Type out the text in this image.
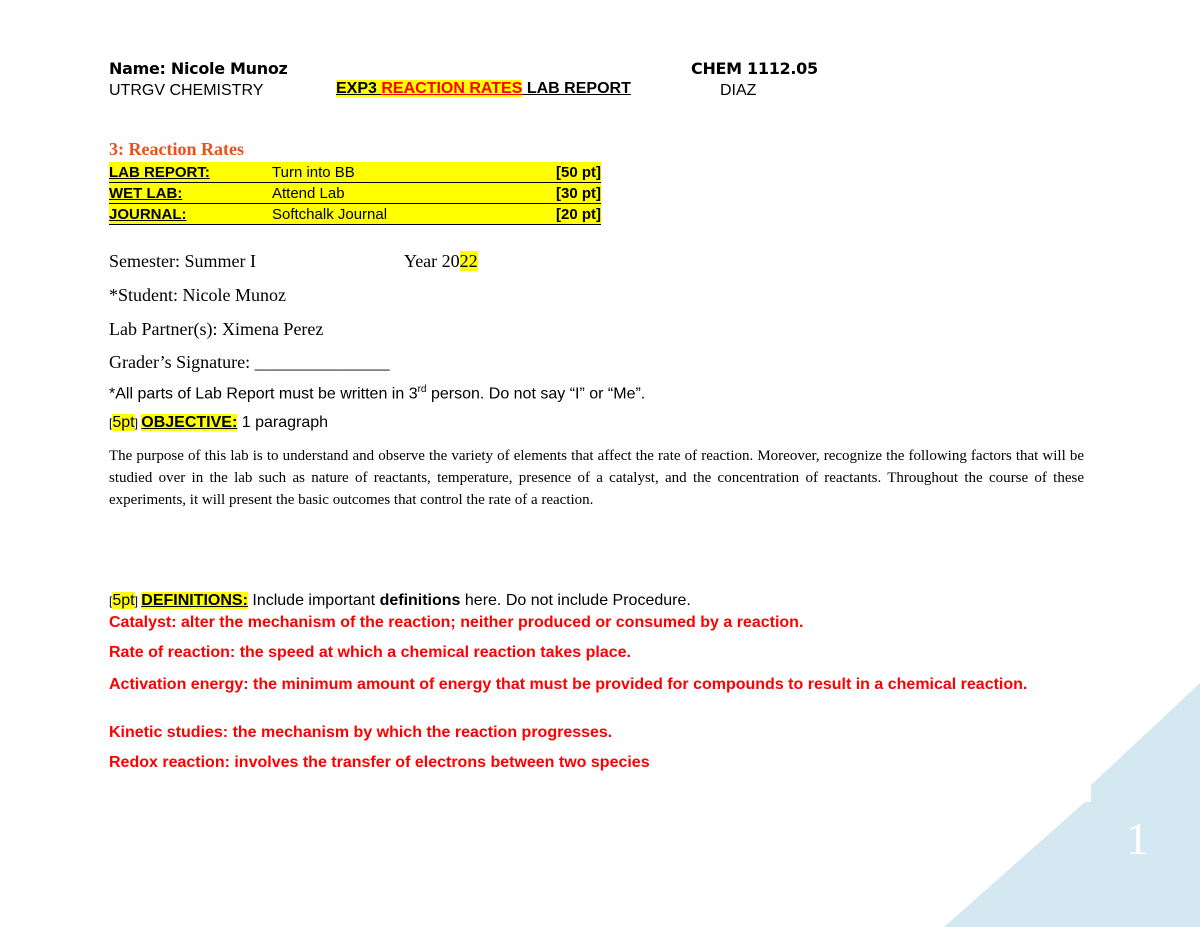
Name: Nicole Munoz	CHEM 1112.05
UTRGV CHEMISTRY	EXP3 REACTION RATES LAB REPORT	DIAZ
3: Reaction Rates
LAB REPORT:	Turn into BB	[50 pt]
WET LAB:	Attend Lab	[30 pt]
JOURNAL:	Softchalk Journal	[20 pt]
Semester: Summer I	Year 2022
*Student: Nicole Munoz
Lab Partner(s): Ximena Perez
Grader’s Signature: _______________
*All parts of Lab Report must be written in 3rd person. Do not say “I” or “Me”.
[5pt] OBJECTIVE: 1 paragraph
The purpose of this lab is to understand and observe the variety of elements that affect the rate of reaction. Moreover, recognize the following factors that will be studied over in the lab such as nature of reactants, temperature, presence of a catalyst, and the concentration of reactants. Throughout the course of these experiments, it will present the basic outcomes that control the rate of a reaction.
[5pt] DEFINITIONS: Include important definitions here. Do not include Procedure.
Catalyst: alter the mechanism of the reaction; neither produced or consumed by a reaction.
Rate of reaction: the speed at which a chemical reaction takes place.
Activation energy: the minimum amount of energy that must be provided for compounds to result in a chemical reaction.
Kinetic studies: the mechanism by which the reaction progresses.
Redox reaction: involves the transfer of electrons between two species
1
